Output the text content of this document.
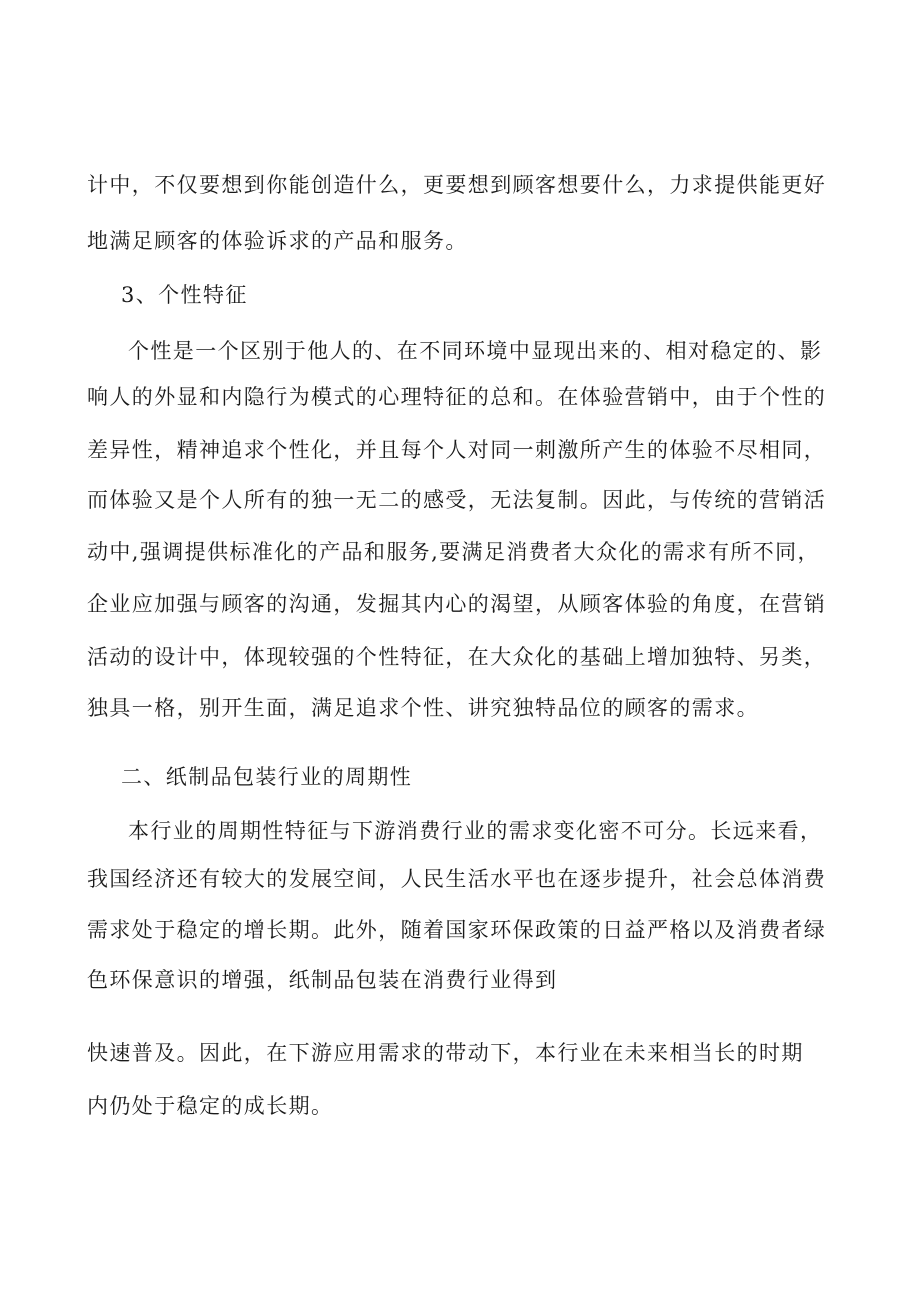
计中，不仅要想到你能创造什么，更要想到顾客想要什么，力求提供能更好
地满足顾客的体验诉求的产品和服务。
3、个性特征
个性是一个区别于他人的、在不同环境中显现出来的、相对稳定的、影
响人的外显和内隐行为模式的心理特征的总和。在体验营销中，由于个性的
差异性，精神追求个性化，并且每个人对同一刺激所产生的体验不尽相同，
而体验又是个人所有的独一无二的感受，无法复制。因此，与传统的营销活
动中,强调提供标准化的产品和服务,要满足消费者大众化的需求有所不同，
企业应加强与顾客的沟通，发掘其内心的渴望，从顾客体验的角度，在营销
活动的设计中，体现较强的个性特征，在大众化的基础上增加独特、另类，
独具一格，别开生面，满足追求个性、讲究独特品位的顾客的需求。
二、纸制品包装行业的周期性
本行业的周期性特征与下游消费行业的需求变化密不可分。长远来看，
我国经济还有较大的发展空间，人民生活水平也在逐步提升，社会总体消费
需求处于稳定的增长期。此外，随着国家环保政策的日益严格以及消费者绿
色环保意识的增强，纸制品包装在消费行业得到
快速普及。因此，在下游应用需求的带动下，本行业在未来相当长的时期
内仍处于稳定的成长期。
